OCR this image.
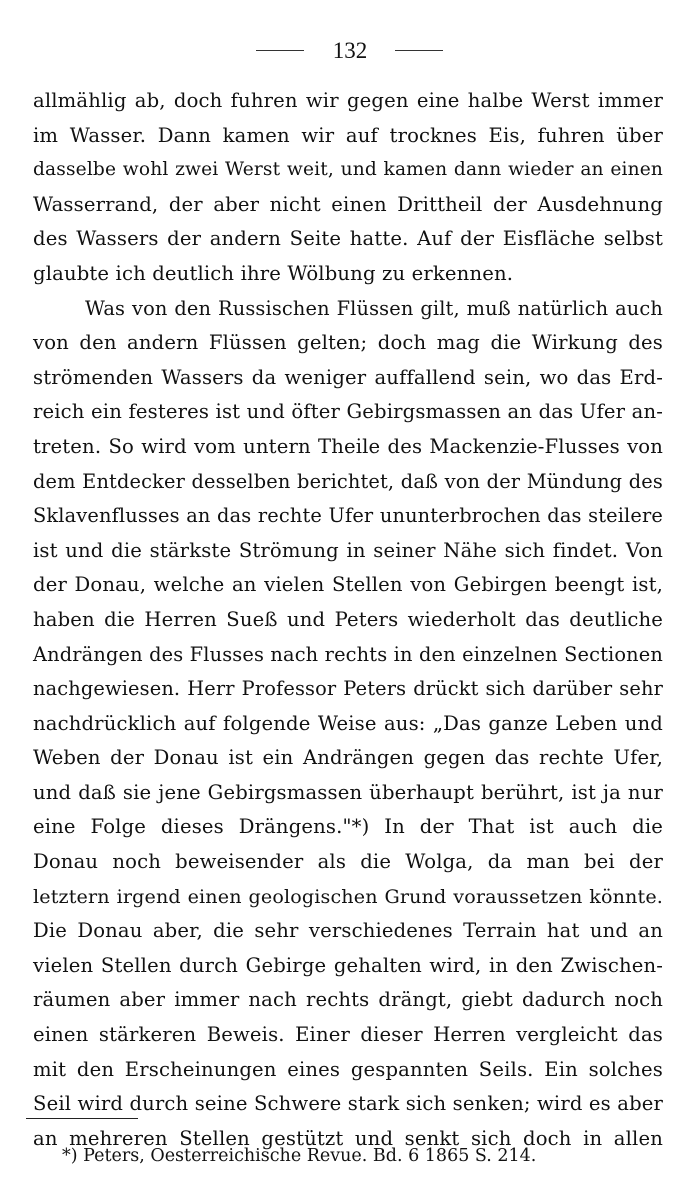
132
allmählig ab, doch fuhren wir gegen eine halbe Werst immer
im Wasser. Dann kamen wir auf trocknes Eis, fuhren über
dasselbe wohl zwei Werst weit, und kamen dann wieder an einen
Wasserrand, der aber nicht einen Drittheil der Ausdehnung
des Wassers der andern Seite hatte. Auf der Eisfläche selbst
glaubte ich deutlich ihre Wölbung zu erkennen.
Was von den Russischen Flüssen gilt, muß natürlich auch
von den andern Flüssen gelten; doch mag die Wirkung des
strömenden Wassers da weniger auffallend sein, wo das Erd-
reich ein festeres ist und öfter Gebirgsmassen an das Ufer an-
treten. So wird vom untern Theile des Mackenzie-Flusses von
dem Entdecker desselben berichtet, daß von der Mündung des
Sklavenflusses an das rechte Ufer ununterbrochen das steilere
ist und die stärkste Strömung in seiner Nähe sich findet. Von
der Donau, welche an vielen Stellen von Gebirgen beengt ist,
haben die Herren Sueß und Peters wiederholt das deutliche
Andrängen des Flusses nach rechts in den einzelnen Sectionen
nachgewiesen. Herr Professor Peters drückt sich darüber sehr
nachdrücklich auf folgende Weise aus: „Das ganze Leben und
Weben der Donau ist ein Andrängen gegen das rechte Ufer,
und daß sie jene Gebirgsmassen überhaupt berührt, ist ja nur
eine Folge dieses Drängens."*) In der That ist auch die
Donau noch beweisender als die Wolga, da man bei der
letztern irgend einen geologischen Grund voraussetzen könnte.
Die Donau aber, die sehr verschiedenes Terrain hat und an
vielen Stellen durch Gebirge gehalten wird, in den Zwischen-
räumen aber immer nach rechts drängt, giebt dadurch noch
einen stärkeren Beweis. Einer dieser Herren vergleicht das
mit den Erscheinungen eines gespannten Seils. Ein solches
Seil wird durch seine Schwere stark sich senken; wird es aber
an mehreren Stellen gestützt und senkt sich doch in allen
*) Peters, Oesterreichische Revue. Bd. 6 1865 S. 214.
